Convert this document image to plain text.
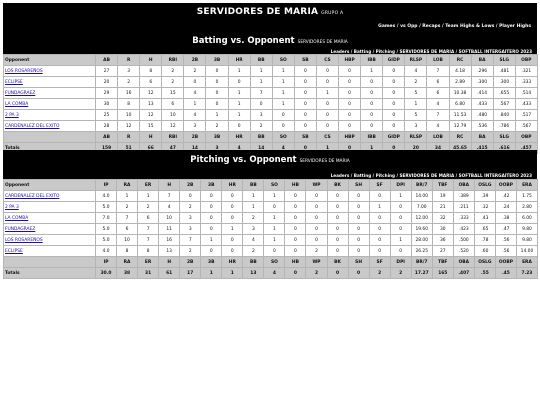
SERVIDORES DE MARIA GRUPO A
Games / vs Opp / Recaps / Team Highs & Lows / Player Highs
Batting vs. Opponent SERVIDORES DE MARIA
Leaders / Batting / Pitching / SERVIDORES DE MARIA / SOFTBALL INTERGAITERO 2023
Opponent	AB	R	H	RBI	2B	3B	HR	BB	SO	SB	CS	HBP	IBB	GIDP	RLSP	LOB	RC	BA	SLG	OBP
LOS ROSAREÑOS	27	3	8	2	2	0	1	1	1	0	0	0	1	0	4	7	4.18	.296	.481	.321
ECLIPSE	20	2	6	2	0	0	0	1	1	0	0	0	0	0	2	6	2.89	.300	.300	.333
FUNDAGRAEZ	29	16	12	15	4	0	1	7	1	0	1	0	0	0	5	6	10.38	.414	.655	.514
LA COMBA	30	8	13	6	1	0	1	0	1	0	0	0	0	0	1	4	6.80	.433	.567	.433
2 PA 3	25	10	12	10	4	1	1	3	0	0	0	0	0	0	5	7	11.53	.480	.840	.517
CARDENALEZ DEL EXITO	28	12	15	12	3	2	0	2	0	0	0	0	0	0	3	4	12.79	.536	.786	.567
	AB	R	H	RBI	2B	3B	HR	BB	SO	SB	CS	HBP	IBB	GIDP	RLSP	LOB	RC	BA	SLG	OBP
Totals	159	51	66	47	14	3	4	14	4	0	1	0	1	0	20	34	45.65	.415	.616	.457
Pitching vs. Opponent SERVIDORES DE MARIA
Leaders / Batting / Pitching / SERVIDORES DE MARIA / SOFTBALL INTERGAITERO 2023
Opponent	IP	RA	ER	H	2B	3B	HR	BB	SO	HB	WP	BK	SH	SF	DPI	BR/7	TBF	OBA	OSLG	OOBP	ERA
CARDENALEZ DEL EXITO	4.0	1	1	7	0	0	0	1	1	0	0	0	0	0	1	14.00	19	.389	.39	.42	1.75
2 PA 3	5.0	2	2	4	2	0	0	1	0	0	0	0	0	1	0	7.00	21	.211	.32	.24	2.80
LA COMBA	7.0	7	6	10	3	0	0	2	1	0	0	0	0	0	0	12.00	32	.333	.43	.38	6.00
FUNDAGRAEZ	5.0	6	7	11	3	0	1	3	1	0	0	0	0	0	0	19.60	30	.423	.65	.47	9.80
LOS ROSAREÑOS	5.0	10	7	16	7	1	0	4	1	0	0	0	0	0	1	28.00	36	.500	.78	.56	9.80
ECLIPSE	4.0	8	8	13	2	0	0	2	0	0	2	0	0	0	0	26.25	27	.520	.60	.56	14.00
	IP	RA	ER	H	2B	3B	HR	BB	SO	HB	WP	BK	SH	SF	DPI	BR/7	TBF	OBA	OSLG	OOBP	ERA
Totals	30.0	38	31	61	17	1	1	13	4	0	2	0	0	2	2	17.27	165	.407	.55	.45	7.23
